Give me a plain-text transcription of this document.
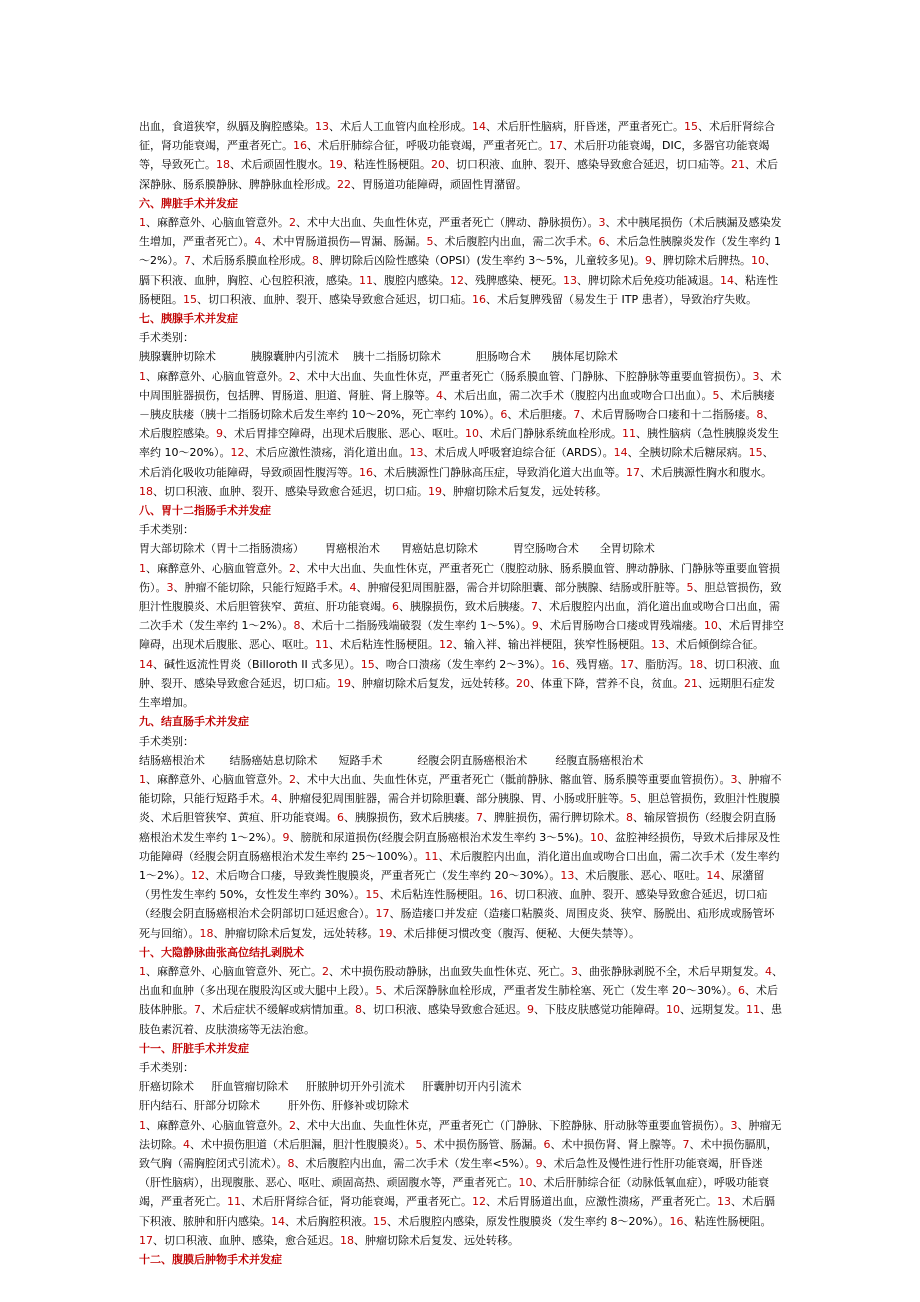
出血，食道狭窄，纵膈及胸腔感染。13、术后人工血管内血栓形成。14、术后肝性脑病，肝昏迷，严重者死亡。15、术后肝肾综合征，肾功能衰竭，严重者死亡。16、术后肝肺综合征，呼吸功能衰竭，严重者死亡。17、术后肝功能衰竭，DIC，多器官功能衰竭等，导致死亡。18、术后顽固性腹水。19、粘连性肠梗阻。20、切口积液、血肿、裂开、感染导致愈合延迟，切口疝等。21、术后深静脉、肠系膜静脉、脾静脉血栓形成。22、胃肠道功能障碍，顽固性胃潴留。

六、脾脏手术并发症

1、麻醉意外、心脑血管意外。2、术中大出血、失血性休克，严重者死亡（脾动、静脉损伤）。3、术中胰尾损伤（术后胰漏及感染发生增加，严重者死亡）。4、术中胃肠道损伤—胃漏、肠漏。5、术后腹腔内出血，需二次手术。6、术后急性胰腺炎发作（发生率约 1～2%）。7、术后肠系膜血栓形成。8、脾切除后凶险性感染（OPSI）(发生率约 3～5%，儿童较多见)。9、脾切除术后脾热。10、膈下积液、血肿，胸腔、心包腔积液，感染。11、腹腔内感染。12、残脾感染、梗死。13、脾切除术后免疫功能减退。14、粘连性肠梗阻。15、切口积液、血肿、裂开、感染导致愈合延迟，切口疝。16、术后复脾残留（易发生于 ITP 患者），导致治疗失败。

七、胰腺手术并发症
手术类别：
胰腺囊肿切除术          胰腺囊肿内引流术    胰十二指肠切除术          胆肠吻合术      胰体尾切除术

1、麻醉意外、心脑血管意外。2、术中大出血、失血性休克，严重者死亡（肠系膜血管、门静脉、下腔静脉等重要血管损伤）。3、术中周围脏器损伤，包括脾、胃肠道、胆道、肾脏、肾上腺等。4、术后出血，需二次手术（腹腔内出血或吻合口出血）。5、术后胰瘘－胰皮肤瘘（胰十二指肠切除术后发生率约 10～20%，死亡率约 10%）。6、术后胆瘘。7、术后胃肠吻合口瘘和十二指肠瘘。8、术后腹腔感染。9、术后胃排空障碍，出现术后腹胀、恶心、呕吐。10、术后门静脉系统血栓形成。11、胰性脑病（急性胰腺炎发生率约 10～20%）。12、术后应激性溃疡，消化道出血。13、术后成人呼吸窘迫综合征（ARDS）。14、全胰切除术后糖尿病。15、术后消化吸收功能障碍，导致顽固性腹泻等。16、术后胰源性门静脉高压症，导致消化道大出血等。17、术后胰源性胸水和腹水。18、切口积液、血肿、裂开、感染导致愈合延迟，切口疝。19、肿瘤切除术后复发，远处转移。

八、胃十二指肠手术并发症
手术类别：
胃大部切除术（胃十二指肠溃疡）      胃癌根治术      胃癌姑息切除术          胃空肠吻合术      全胃切除术

1、麻醉意外、心脑血管意外。2、术中大出血、失血性休克，严重者死亡（腹腔动脉、肠系膜血管、脾动静脉、门静脉等重要血管损伤）。3、肿瘤不能切除，只能行短路手术。4、肿瘤侵犯周围脏器，需合并切除胆囊、部分胰腺、结肠或肝脏等。5、胆总管损伤，致胆汁性腹膜炎、术后胆管狭窄、黄疸、肝功能衰竭。6、胰腺损伤，致术后胰瘘。7、术后腹腔内出血，消化道出血或吻合口出血，需二次手术（发生率约 1～2%）。8、术后十二指肠残端破裂（发生率约 1～5%）。9、术后胃肠吻合口瘘或胃残端瘘。10、术后胃排空障碍，出现术后腹胀、恶心、呕吐。11、术后粘连性肠梗阻。12、输入袢、输出袢梗阻，狭窄性肠梗阻。13、术后倾倒综合征。14、碱性返流性胃炎（Billoroth II 式多见）。15、吻合口溃疡（发生率约 2～3%）。16、残胃癌。17、脂肪泻。18、切口积液、血肿、裂开、感染导致愈合延迟，切口疝。19、肿瘤切除术后复发，远处转移。20、体重下降，营养不良，贫血。21、远期胆石症发生率增加。

九、结直肠手术并发症
手术类别：
结肠癌根治术       结肠癌姑息切除术      短路手术          经腹会阴直肠癌根治术        经腹直肠癌根治术

1、麻醉意外、心脑血管意外。2、术中大出血、失血性休克，严重者死亡（骶前静脉、髂血管、肠系膜等重要血管损伤）。3、肿瘤不能切除，只能行短路手术。4、肿瘤侵犯周围脏器，需合并切除胆囊、部分胰腺、胃、小肠或肝脏等。5、胆总管损伤，致胆汁性腹膜炎、术后胆管狭窄、黄疸、肝功能衰竭。6、胰腺损伤，致术后胰瘘。7、脾脏损伤，需行脾切除术。8、输尿管损伤（经腹会阴直肠癌根治术发生率约 1～2%）。9、膀胱和尿道损伤(经腹会阴直肠癌根治术发生率约 3～5%)。10、盆腔神经损伤，导致术后排尿及性功能障碍（经腹会阴直肠癌根治术发生率约 25～100%）。11、术后腹腔内出血，消化道出血或吻合口出血，需二次手术（发生率约 1～2%）。12、术后吻合口瘘，导致粪性腹膜炎，严重者死亡（发生率约 20～30%）。13、术后腹胀、恶心、呕吐。14、尿潴留（男性发生率约 50%，女性发生率约 30%）。15、术后粘连性肠梗阻。16、切口积液、血肿、裂开、感染导致愈合延迟，切口疝（经腹会阴直肠癌根治术会阴部切口延迟愈合）。17、肠造瘘口并发症（造瘘口粘膜炎、周围皮炎、狭窄、肠脱出、疝形成或肠管坏死与回缩）。18、肿瘤切除术后复发，远处转移。19、术后排便习惯改变（腹泻、便秘、大便失禁等）。

十、大隐静脉曲张高位结扎剥脱术

1、麻醉意外、心脑血管意外、死亡。2、术中损伤股动静脉，出血致失血性休克、死亡。3、曲张静脉剥脱不全，术后早期复发。4、出血和血肿（多出现在腹股沟区或大腿中上段）。5、术后深静脉血栓形成，严重者发生肺栓塞、死亡（发生率 20～30%）。6、术后肢体肿胀。7、术后症状不缓解或病情加重。8、切口积液、感染导致愈合延迟。9、下肢皮肤感觉功能障碍。10、远期复发。11、患肢色素沉着、皮肤溃疡等无法治愈。

十一、肝脏手术并发症
手术类别：
肝癌切除术     肝血管瘤切除术     肝脓肿切开外引流术     肝囊肿切开内引流术
肝内结石、肝部分切除术        肝外伤、肝修补或切除术

1、麻醉意外、心脑血管意外。2、术中大出血、失血性休克，严重者死亡（门静脉、下腔静脉、肝动脉等重要血管损伤）。3、肿瘤无法切除。4、术中损伤胆道（术后胆漏，胆汁性腹膜炎）。5、术中损伤肠管、肠漏。6、术中损伤肾、肾上腺等。7、术中损伤膈肌，致气胸（需胸腔闭式引流术）。8、术后腹腔内出血，需二次手术（发生率<5%）。9、术后急性及慢性进行性肝功能衰竭，肝昏迷（肝性脑病），出现腹胀、恶心、呕吐、顽固高热、顽固腹水等，严重者死亡。10、术后肝肺综合征（动脉低氧血症），呼吸功能衰竭，严重者死亡。11、术后肝肾综合征，肾功能衰竭，严重者死亡。12、术后胃肠道出血，应激性溃疡，严重者死亡。13、术后膈下积液、脓肿和肝内感染。14、术后胸腔积液。15、术后腹腔内感染，原发性腹膜炎（发生率约 8～20%）。16、粘连性肠梗阻。17、切口积液、血肿、感染，愈合延迟。18、肿瘤切除术后复发、远处转移。

十二、腹膜后肿物手术并发症
